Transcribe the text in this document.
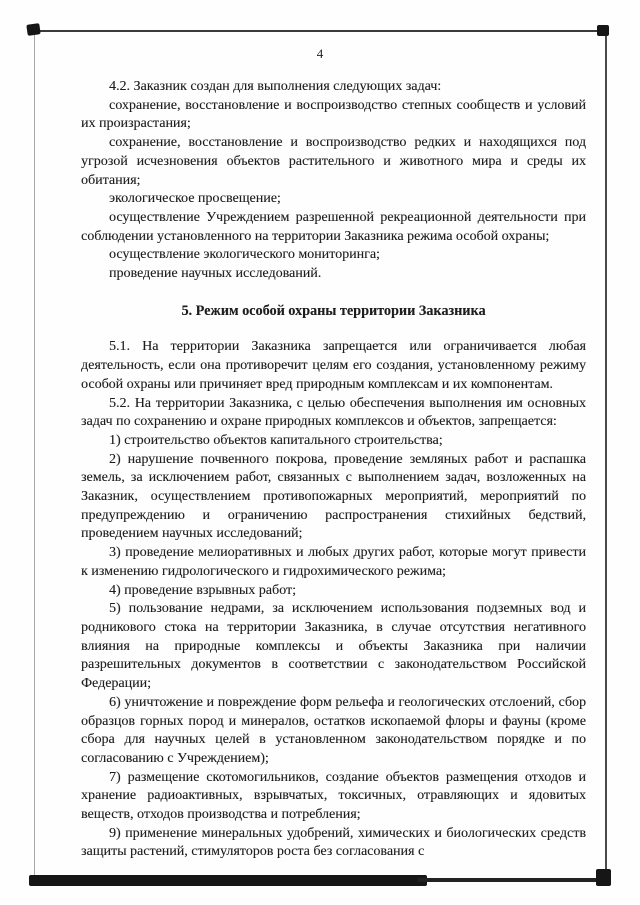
4

4.2. Заказник создан для выполнения следующих задач:

сохранение, восстановление и воспроизводство степных сообществ и условий их произрастания;

сохранение, восстановление и воспроизводство редких и находящихся под угрозой исчезновения объектов растительного и животного мира и среды их обитания;

экологическое просвещение;

осуществление Учреждением разрешенной рекреационной деятельности при соблюдении установленного на территории Заказника режима особой охраны;

осуществление экологического мониторинга;

проведение научных исследований.

5. Режим особой охраны территории Заказника

5.1. На территории Заказника запрещается или ограничивается любая деятельность, если она противоречит целям его создания, установленному режиму особой охраны или причиняет вред природным комплексам и их компонентам.

5.2. На территории Заказника, с целью обеспечения выполнения им основных задач по сохранению и охране природных комплексов и объектов, запрещается:

1) строительство объектов капитального строительства;

2) нарушение почвенного покрова, проведение земляных работ и распашка земель, за исключением работ, связанных с выполнением задач, возложенных на Заказник, осуществлением противопожарных мероприятий, мероприятий по предупреждению и ограничению распространения стихийных бедствий, проведением научных исследований;

3) проведение мелиоративных и любых других работ, которые могут привести к изменению гидрологического и гидрохимического режима;

4) проведение взрывных работ;

5) пользование недрами, за исключением использования подземных вод и родникового стока на территории Заказника, в случае отсутствия негативного влияния на природные комплексы и объекты Заказника при наличии разрешительных документов в соответствии с законодательством Российской Федерации;

6) уничтожение и повреждение форм рельефа и геологических отслоений, сбор образцов горных пород и минералов, остатков ископаемой флоры и фауны (кроме сбора для научных целей в установленном законодательством порядке и по согласованию с Учреждением);

7) размещение скотомогильников, создание объектов размещения отходов и хранение радиоактивных, взрывчатых, токсичных, отравляющих и ядовитых веществ, отходов производства и потребления;

9) применение минеральных удобрений, химических и биологических средств защиты растений, стимуляторов роста без согласования с
